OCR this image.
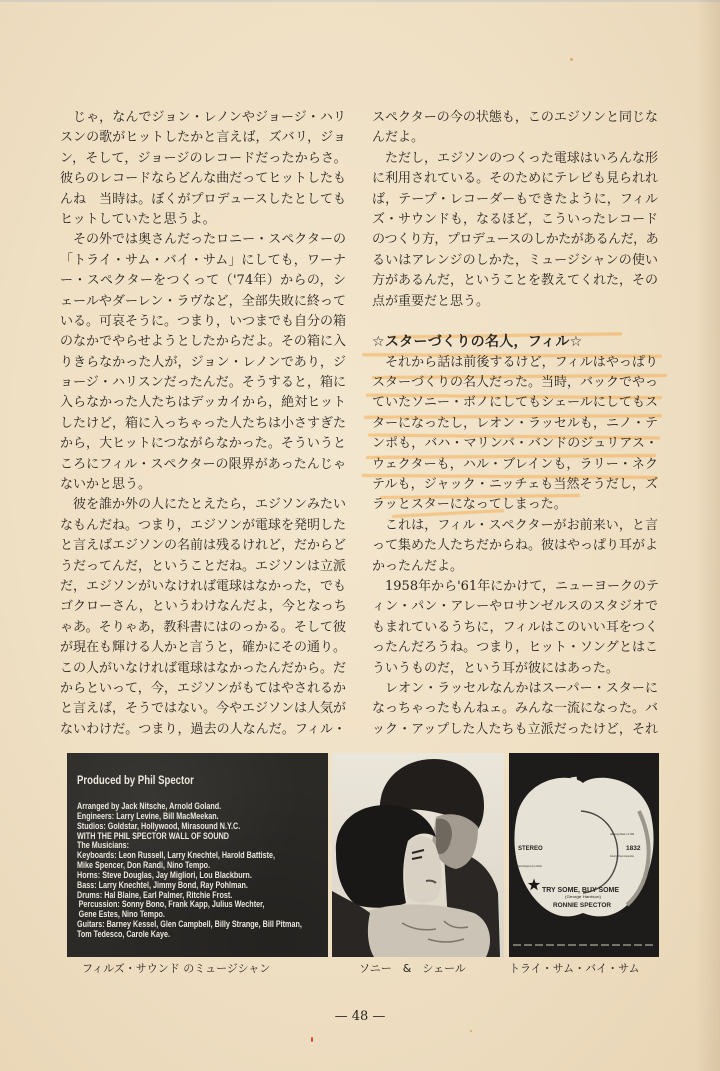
じゃ，なんでジョン・レノンやジョージ・ハリ
スンの歌がヒットしたかと言えば，ズバリ，ジョ
ン，そして，ジョージのレコードだったからさ。
彼らのレコードならどんな曲だってヒットしたも
んね　当時は。ぼくがプロデュースしたとしても
ヒットしていたと思うよ。
その外では奥さんだったロニー・スペクターの
「トライ・サム・バイ・サム」にしても，ワーナ
ー・スペクターをつくって（'74年）からの，シ
ェールやダーレン・ラヴなど，全部失敗に終って
いる。可哀そうに。つまり，いつまでも自分の箱
のなかでやらせようとしたからだよ。その箱に入
りきらなかった人が，ジョン・レノンであり，ジ
ョージ・ハリスンだったんだ。そうすると，箱に
入らなかった人たちはデッカイから，絶対ヒット
したけど，箱に入っちゃった人たちは小さすぎた
から，大ヒットにつながらなかった。そういうと
ころにフィル・スペクターの限界があったんじゃ
ないかと思う。
彼を誰か外の人にたとえたら，エジソンみたい
なもんだね。つまり，エジソンが電球を発明した
と言えばエジソンの名前は残るけれど，だからど
うだってんだ，ということだね。エジソンは立派
だ，エジソンがいなければ電球はなかった，でも
ゴクローさん，というわけなんだよ，今となっち
ゃあ。そりゃあ，教科書にはのっかる。そして彼
が現在も輝ける人かと言うと，確かにその通り。
この人がいなければ電球はなかったんだから。だ
からといって，今，エジソンがもてはやされるか
と言えば，そうではない。今やエジソンは人気が
ないわけだ。つまり，過去の人なんだ。フィル・
スペクターの今の状態も，このエジソンと同じな
んだよ。
ただし，エジソンのつくった電球はいろんな形
に利用されている。そのためにテレビも見られれ
ば，テープ・レコーダーもできたように，フィル
ズ・サウンドも，なるほど，こういったレコード
のつくり方，プロデュースのしかたがあるんだ，あ
るいはアレンジのしかた，ミュージシャンの使い
方があるんだ，ということを教えてくれた，その
点が重要だと思う。
☆スターづくりの名人，フィル☆
それから話は前後するけど，フィルはやっぱり
スターづくりの名人だった。当時，バックでやっ
ていたソニー・ボノにしてもシェールにしてもス
ターになったし，レオン・ラッセルも，ニノ・テ
ンポも，バハ・マリンバ・バンドのジュリアス・
ウェクターも，ハル・ブレインも，ラリー・ネク
テルも，ジャック・ニッチェも当然そうだし，ズ
ラッとスターになってしまった。
これは，フィル・スペクターがお前来い，と言
って集めた人たちだからね。彼はやっぱり耳がよ
かったんだよ。
1958年から'61年にかけて，ニューヨークのテ
ィン・パン・アレーやロサンゼルスのスタジオで
もまれているうちに，フィルはこのいい耳をつく
ったんだろうね。つまり，ヒット・ソングとはこ
ういうものだ，という耳が彼にはあった。
レオン・ラッセルなんかはスーパー・スターに
なっちゃったもんねェ。みんな一流になった。バ
ック・アップした人たちも立派だったけど，それ
Produced by Phil Spector
Arranged by Jack Nitsche, Arnold Goland.
Engineers: Larry Levine, Bill MacMeekan.
Studios: Goldstar, Hollywood, Mirasound N.Y.C.
WITH THE PHIL SPECTOR WALL OF SOUND
The Musicians:
Keyboards: Leon Russell, Larry Knechtel, Harold Battiste,
Mike Spencer, Don Randi, Nino Tempo.
Horns: Steve Douglas, Jay Migliori, Lou Blackburn.
Bass: Larry Knechtel, Jimmy Bond, Ray Pohlman.
Drums: Hal Blaine, Earl Palmer, Ritchie Frost.
Percussion: Sonny Bono, Frank Kapp, Julius Wechter,
Gene Estes, Nino Tempo.
Guitars: Barney Kessel, Glen Campbell, Billy Strange, Bill Pitman,
Tom Tedesco, Carole Kaye.
STEREO	1832
Harrisongs Music, Inc. BMI
Produced by Phil Spector & George Harrison
Orchestral Arrangement by J. Nitzsche
TRY SOME, BUY SOME
(George Harrison)
RONNIE SPECTOR
フィルズ・サウンド のミュージシャン	ソニー　&　シェール	トライ・サム・バイ・サム
— 48 —
